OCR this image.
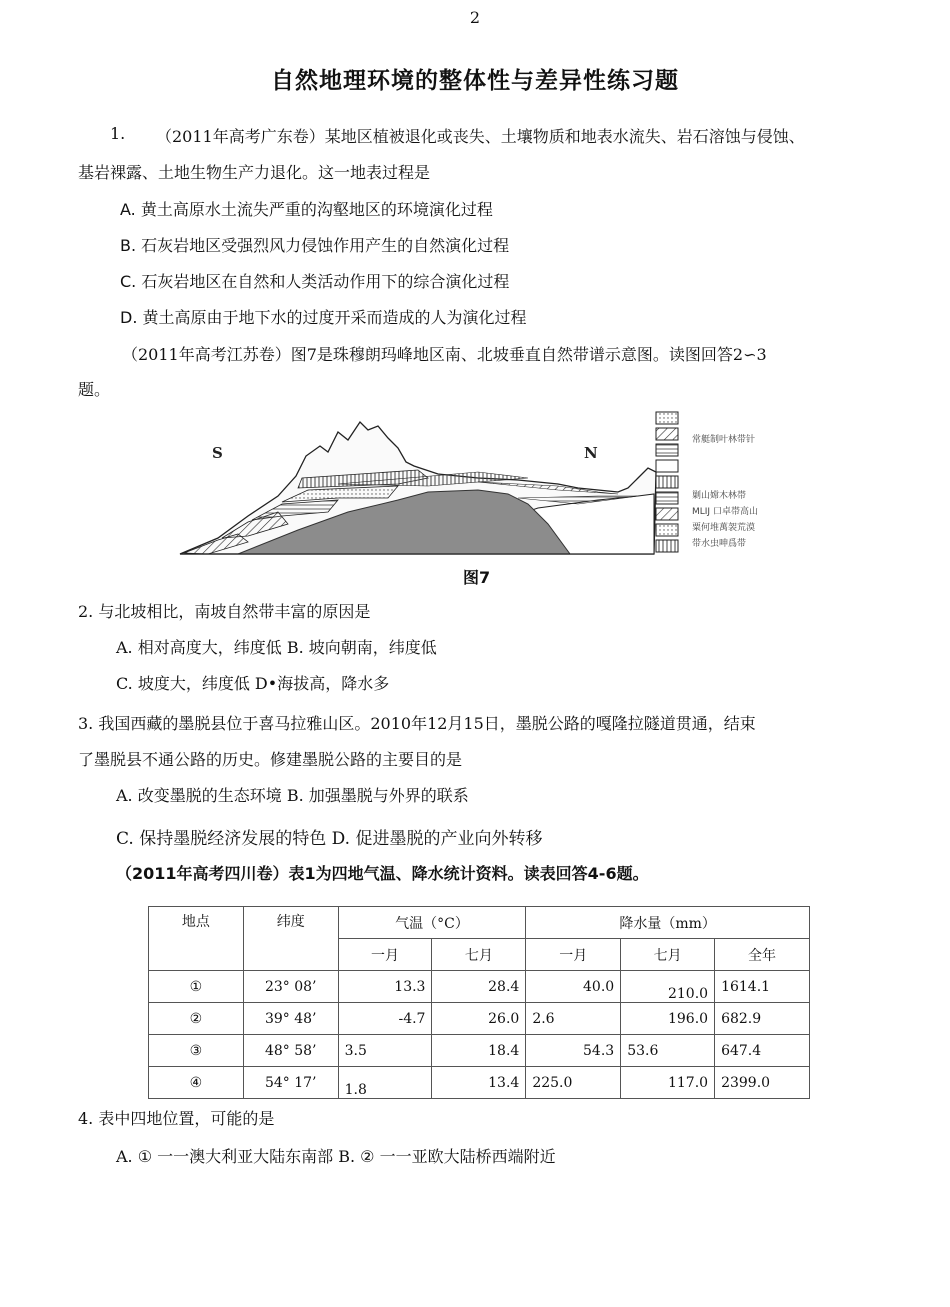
2
自然地理环境的整体性与差异性练习题
1. （2011年高考广东卷）某地区植被退化或丧失、土壤物质和地表水流失、岩石溶蚀与侵蚀、
基岩裸露、土地生物生产力退化。这一地表过程是
A. 黄土高原水土流失严重的沟壑地区的环境演化过程
B. 石灰岩地区受强烈风力侵蚀作用产生的自然演化过程
C. 石灰岩地区在自然和人类活动作用下的综合演化过程
D. 黄土高原由于地下水的过度开采而造成的人为演化过程
（2011年高考江苏卷）图7是珠穆朗玛峰地区南、北坡垂直自然带谱示意图。读图回答2∽3
题。
S	N
常艇制叶林带针
剿山嫦木林帯
MLIJ 口卓帯高山
粟何堆萬袈荒漠
带水虫呻爲带
图7
2. 与北坡相比，南坡自然带丰富的原因是
A. 相对高度大，纬度低 B. 坡向朝南，纬度低
C. 坡度大，纬度低 D•海拔高，降水多
3. 我国西藏的墨脱县位于喜马拉雅山区。2010年12月15日，墨脱公路的嘎隆拉隧道贯通，结束
了墨脱县不通公路的历史。修建墨脱公路的主要目的是
A. 改变墨脱的生态环境 B. 加强墨脱与外界的联系
C. 保持墨脱经济发展的特色 D. 促进墨脱的产业向外转移
（2011年高考四川卷）表1为四地气温、降水统计资料。读表回答4-6题。
地点	纬度	气温（°C）		降水量（mm）		
		一月	七月	一月	七月	全年
①	23° 08’	13.3	28.4	40.0	210.0	1614.1
②	39° 48’	-4.7	26.0	2.6	196.0	682.9
③	48° 58’	3.5	18.4	54.3	53.6	647.4
④	54° 17’	1.8	13.4	225.0	117.0	2399.0
4. 表中四地位置，可能的是
A. ① 一一澳大利亚大陆东南部 B. ② 一一亚欧大陆桥西端附近
